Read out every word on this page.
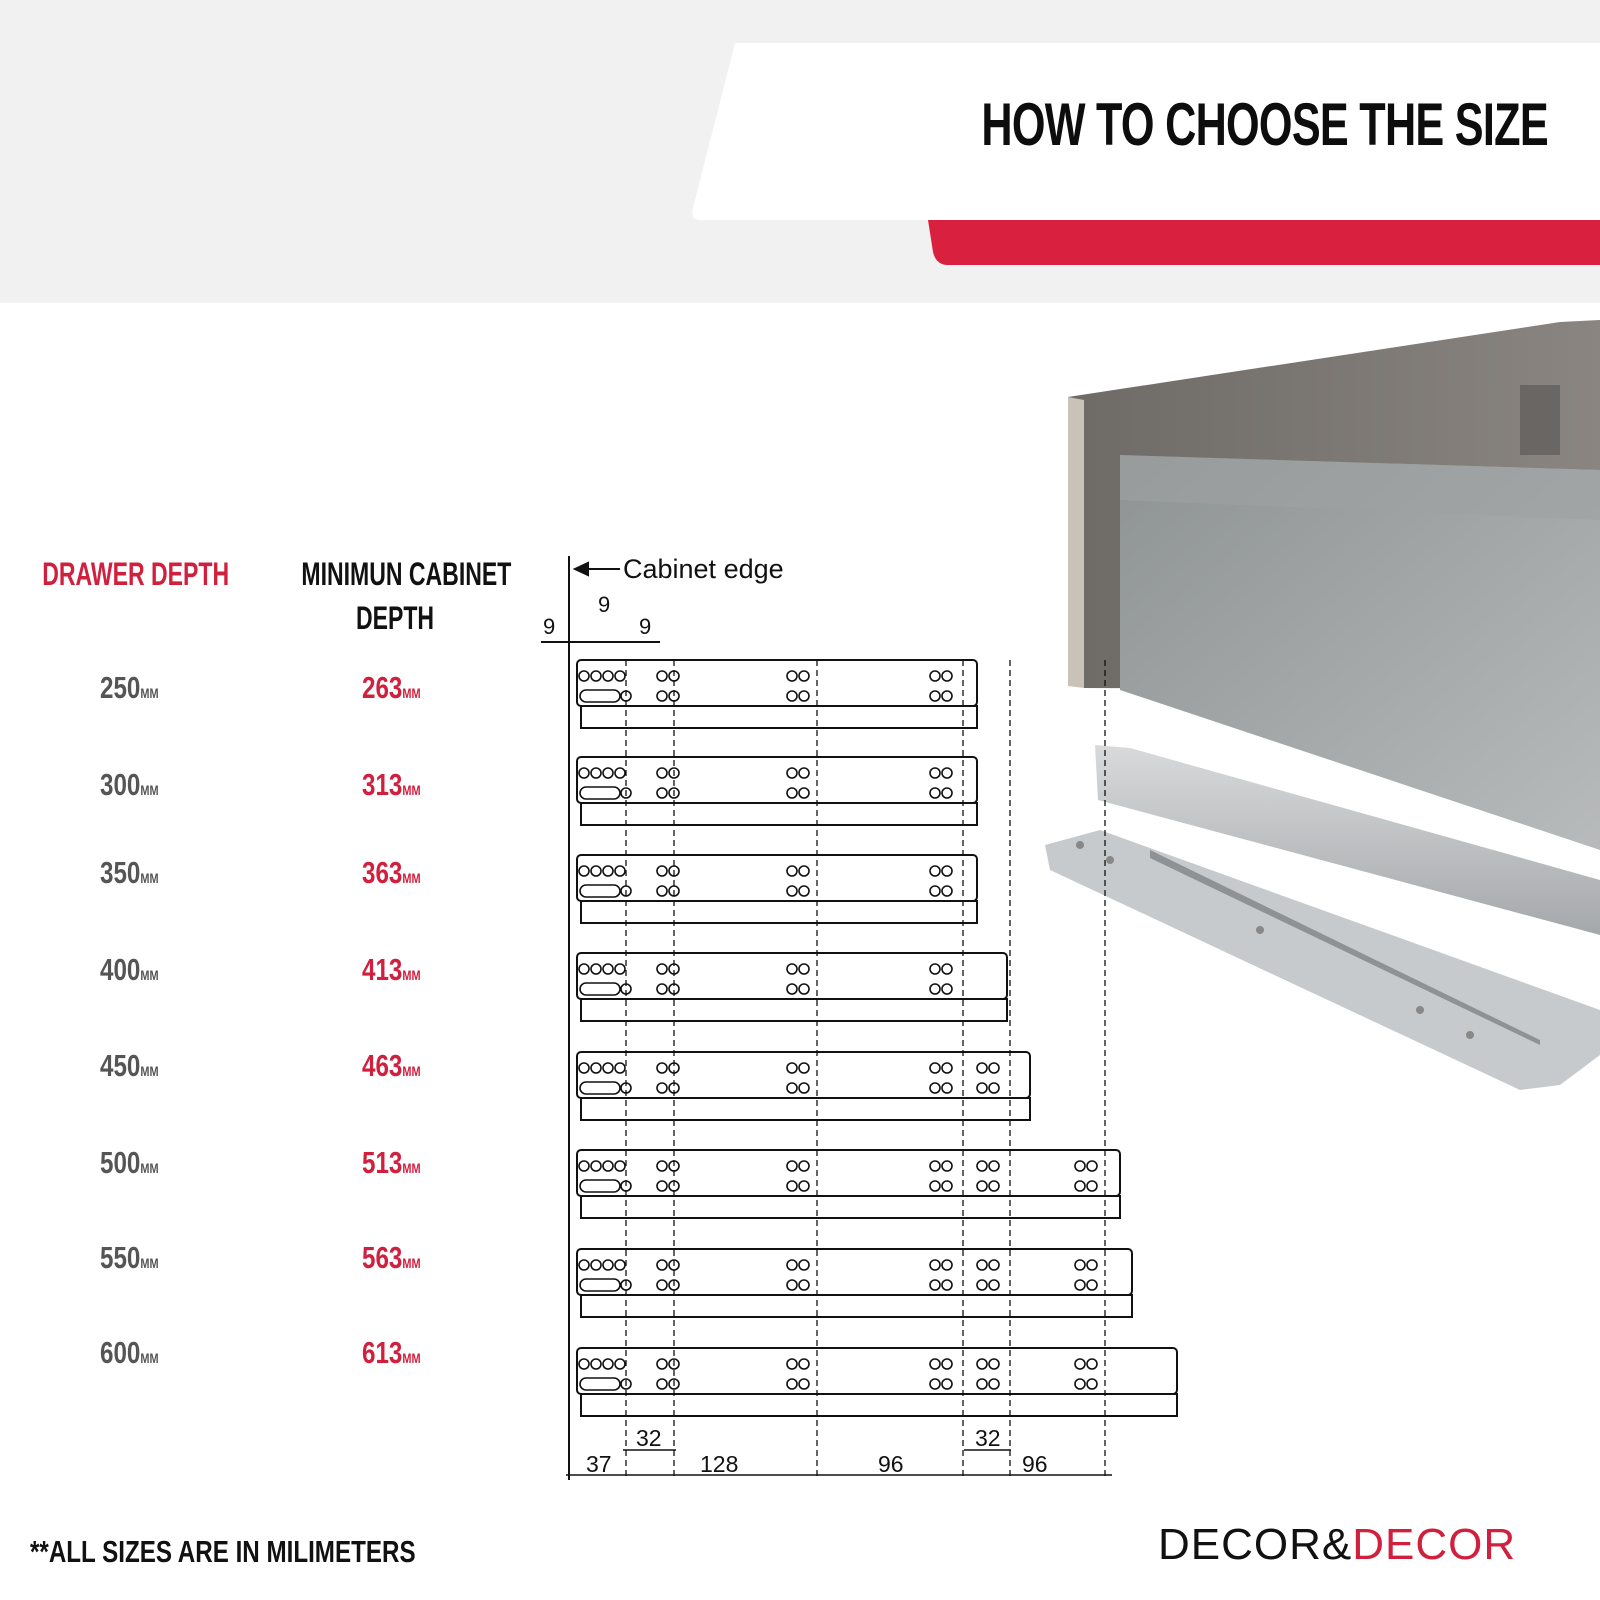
HOW TO CHOOSE THE SIZE
DRAWER DEPTH MINIMUN CABINET
DEPTH
250MM	263MM
300MM	313MM
350MM	363MM
400MM	413MM
450MM	463MM
500MM	513MM
550MM	563MM
600MM	613MM
Cabinet edge
9
9
9
37
32
128	96
32
96
**ALL SIZES ARE IN MILIMETERS	DECOR&DECOR
